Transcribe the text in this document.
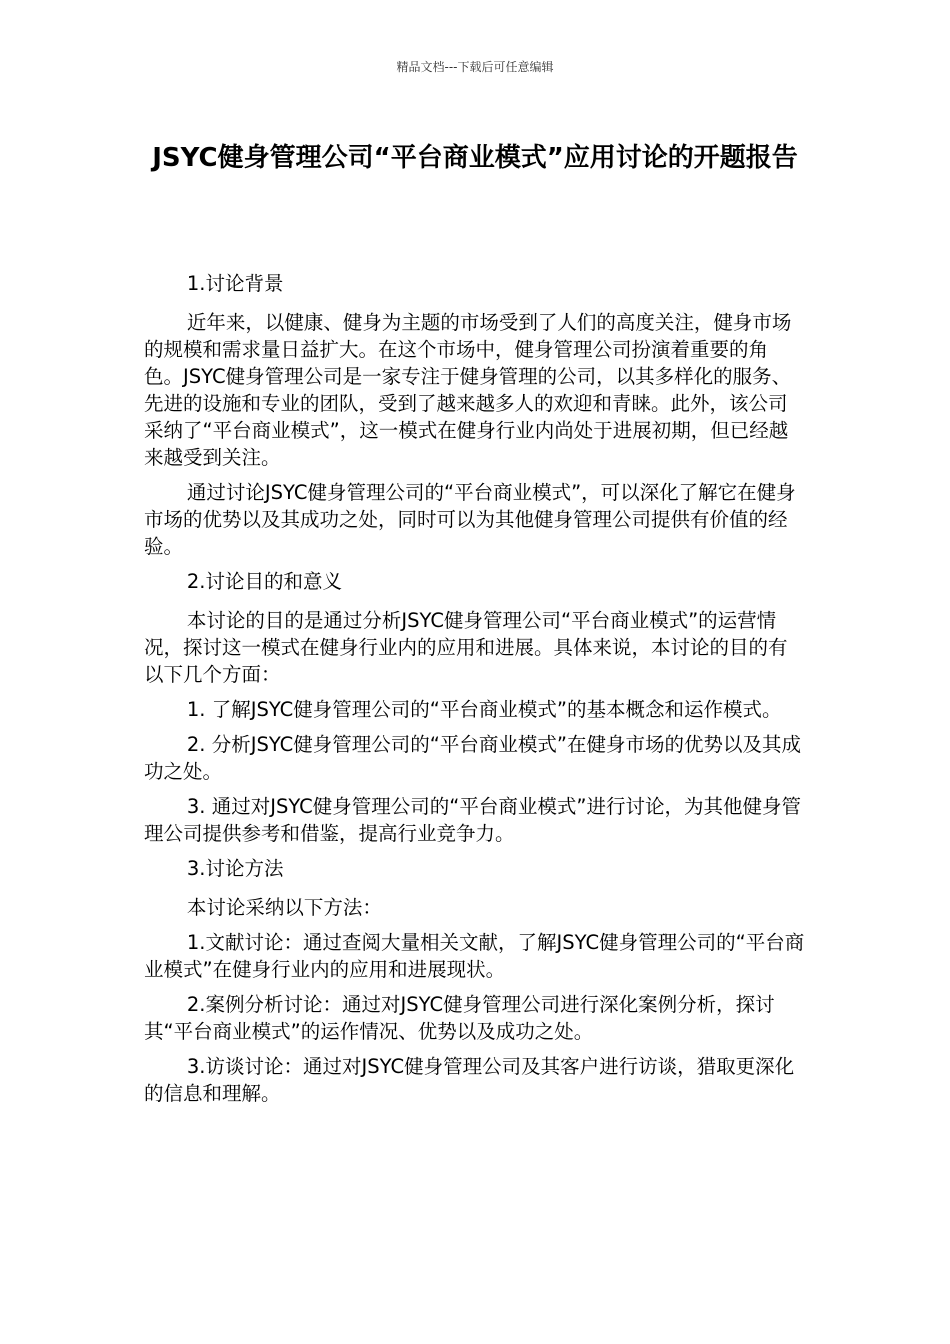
精品文档---下载后可任意编辑
JSYC健身管理公司“平台商业模式”应用讨论的开题报告

1.讨论背景

近年来，以健康、健身为主题的市场受到了人们的高度关注，健身市场的规模和需求量日益扩大。在这个市场中，健身管理公司扮演着重要的角色。JSYC健身管理公司是一家专注于健身管理的公司，以其多样化的服务、先进的设施和专业的团队，受到了越来越多人的欢迎和青睐。此外，该公司采纳了“平台商业模式”，这一模式在健身行业内尚处于进展初期，但已经越来越受到关注。

通过讨论JSYC健身管理公司的“平台商业模式”，可以深化了解它在健身市场的优势以及其成功之处，同时可以为其他健身管理公司提供有价值的经验。

2.讨论目的和意义

本讨论的目的是通过分析JSYC健身管理公司“平台商业模式”的运营情况，探讨这一模式在健身行业内的应用和进展。具体来说，本讨论的目的有以下几个方面：

1. 了解JSYC健身管理公司的“平台商业模式”的基本概念和运作模式。

2. 分析JSYC健身管理公司的“平台商业模式”在健身市场的优势以及其成功之处。

3. 通过对JSYC健身管理公司的“平台商业模式”进行讨论，为其他健身管理公司提供参考和借鉴，提高行业竞争力。

3.讨论方法

本讨论采纳以下方法：

1.文献讨论：通过查阅大量相关文献，了解JSYC健身管理公司的“平台商业模式”在健身行业内的应用和进展现状。

2.案例分析讨论：通过对JSYC健身管理公司进行深化案例分析，探讨其“平台商业模式”的运作情况、优势以及成功之处。

3.访谈讨论：通过对JSYC健身管理公司及其客户进行访谈，猎取更深化的信息和理解。
